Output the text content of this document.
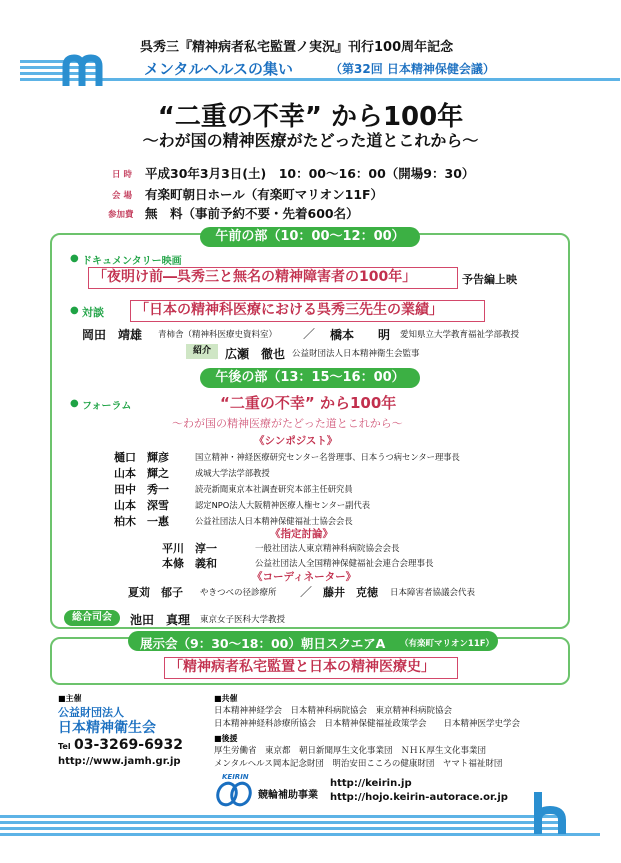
呉秀三『精神病者私宅監置ノ実況』刊行100周年記念
メンタルヘルスの集い	（第32回 日本精神保健会議）
“二重の不幸” から100年
〜わが国の精神医療がたどった道とこれから〜
日 時 平成30年3月3日(土)　10：00〜16：00（開場9：30）
会 場 有楽町朝日ホール（有楽町マリオン11F）
参加費 無　料（事前予約不要・先着600名）
午前の部（10：00〜12：00）
● ドキュメンタリー映画
「夜明け前―呉秀三と無名の精神障害者の100年」	予告編上映
● 対談	「日本の精神科医療における呉秀三先生の業績」
岡田　靖雄 青柿舎（精神科医療史資料室） ／ 橋本　　明 愛知県立大学教育福祉学部教授
紹介	広瀬　徹也 公益財団法人日本精神衛生会監事
午後の部（13：15〜16：00）
● フォーラム	“二重の不幸” から100年
〜わが国の精神医療がたどった道とこれから〜
《シンポジスト》
樋口　輝彦	国立精神・神経医療研究センター名誉理事、日本うつ病センター理事長
山本　輝之	成城大学法学部教授
田中　秀一	読売新聞東京本社調査研究本部主任研究員
山本　深雪	認定NPO法人大阪精神医療人権センター副代表
柏木　一惠	公益社団法人日本精神保健福祉士協会会長
《指定討論》
平川　淳一	一般社団法人東京精神科病院協会会長
本條　義和	公益社団法人全国精神保健福祉会連合会理事長
《コーディネーター》
夏苅　郁子 やきつべの径診療所 ／ 藤井　克徳 日本障害者協議会代表
総合司会	池田　真理 東京女子医科大学教授
展示会（9：30〜18：00）朝日スクエアA （有楽町マリオン11F）
「精神病者私宅監置と日本の精神医療史」
■主催
公益財団法人
日本精神衛生会
Tel 03-3269-6932
http://www.jamh.gr.jp
■共催
日本精神神経学会　日本精神科病院協会　東京精神科病院協会
日本精神神経科診療所協会　日本精神保健福祉政策学会　　日本精神医学史学会
■後援
厚生労働省　東京都　朝日新聞厚生文化事業団　ＮＨＫ厚生文化事業団
メンタルヘルス岡本記念財団　明治安田こころの健康財団　ヤマト福祉財団
KEIRIN
競輪補助事業
http://keirin.jp
http://hojo.keirin-autorace.or.jp
